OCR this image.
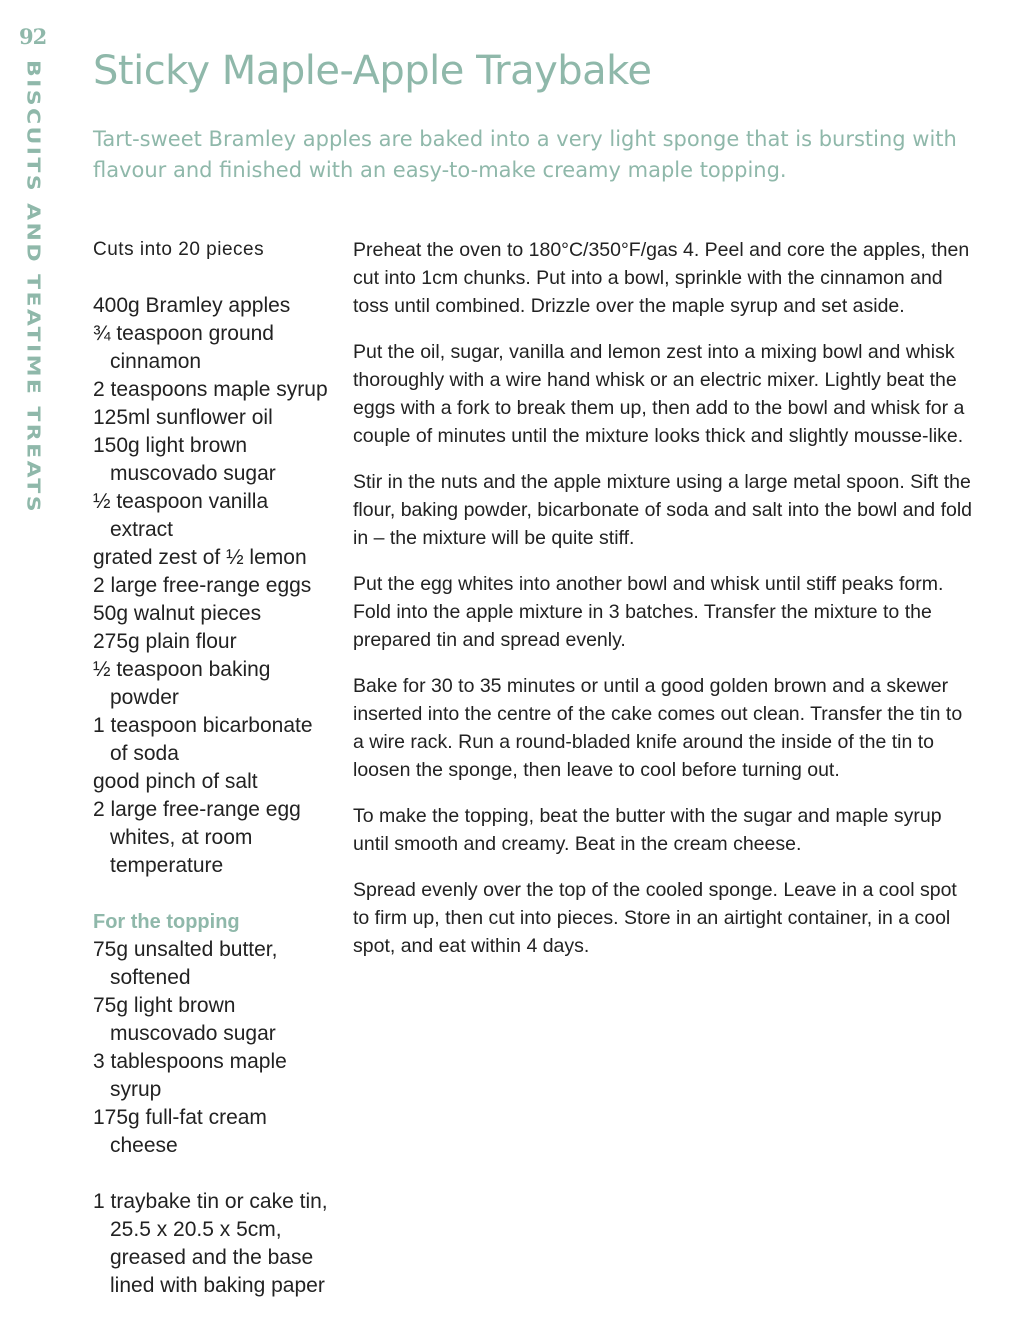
92
BISCUITS AND TEATIME TREATS Sticky Maple-Apple Traybake

Tart-sweet Bramley apples are baked into a very light sponge that is bursting with flavour and finished with an easy-to-make creamy maple topping.

Cuts into 20 pieces

400g Bramley apples
¾ teaspoon ground cinnamon
2 teaspoons maple syrup
125ml sunflower oil
150g light brown muscovado sugar
½ teaspoon vanilla extract
grated zest of ½ lemon
2 large free-range eggs
50g walnut pieces
275g plain flour
½ teaspoon baking powder
1 teaspoon bicarbonate of soda
good pinch of salt
2 large free-range egg whites, at room temperature

For the topping

75g unsalted butter, softened
75g light brown muscovado sugar
3 tablespoons maple syrup
175g full-fat cream cheese

1 traybake tin or cake tin, 25.5 x 20.5 x 5cm, greased and the base lined with baking paper

Preheat the oven to 180°C/350°F/gas 4. Peel and core the apples, then cut into 1cm chunks. Put into a bowl, sprinkle with the cinnamon and toss until combined. Drizzle over the maple syrup and set aside.

Put the oil, sugar, vanilla and lemon zest into a mixing bowl and whisk thoroughly with a wire hand whisk or an electric mixer. Lightly beat the eggs with a fork to break them up, then add to the bowl and whisk for a couple of minutes until the mixture looks thick and slightly mousse-like.

Stir in the nuts and the apple mixture using a large metal spoon. Sift the flour, baking powder, bicarbonate of soda and salt into the bowl and fold in – the mixture will be quite stiff.

Put the egg whites into another bowl and whisk until stiff peaks form. Fold into the apple mixture in 3 batches. Transfer the mixture to the prepared tin and spread evenly.

Bake for 30 to 35 minutes or until a good golden brown and a skewer inserted into the centre of the cake comes out clean. Transfer the tin to a wire rack. Run a round-bladed knife around the inside of the tin to loosen the sponge, then leave to cool before turning out.

To make the topping, beat the butter with the sugar and maple syrup until smooth and creamy. Beat in the cream cheese.

Spread evenly over the top of the cooled sponge. Leave in a cool spot to firm up, then cut into pieces. Store in an airtight container, in a cool spot, and eat within 4 days.
